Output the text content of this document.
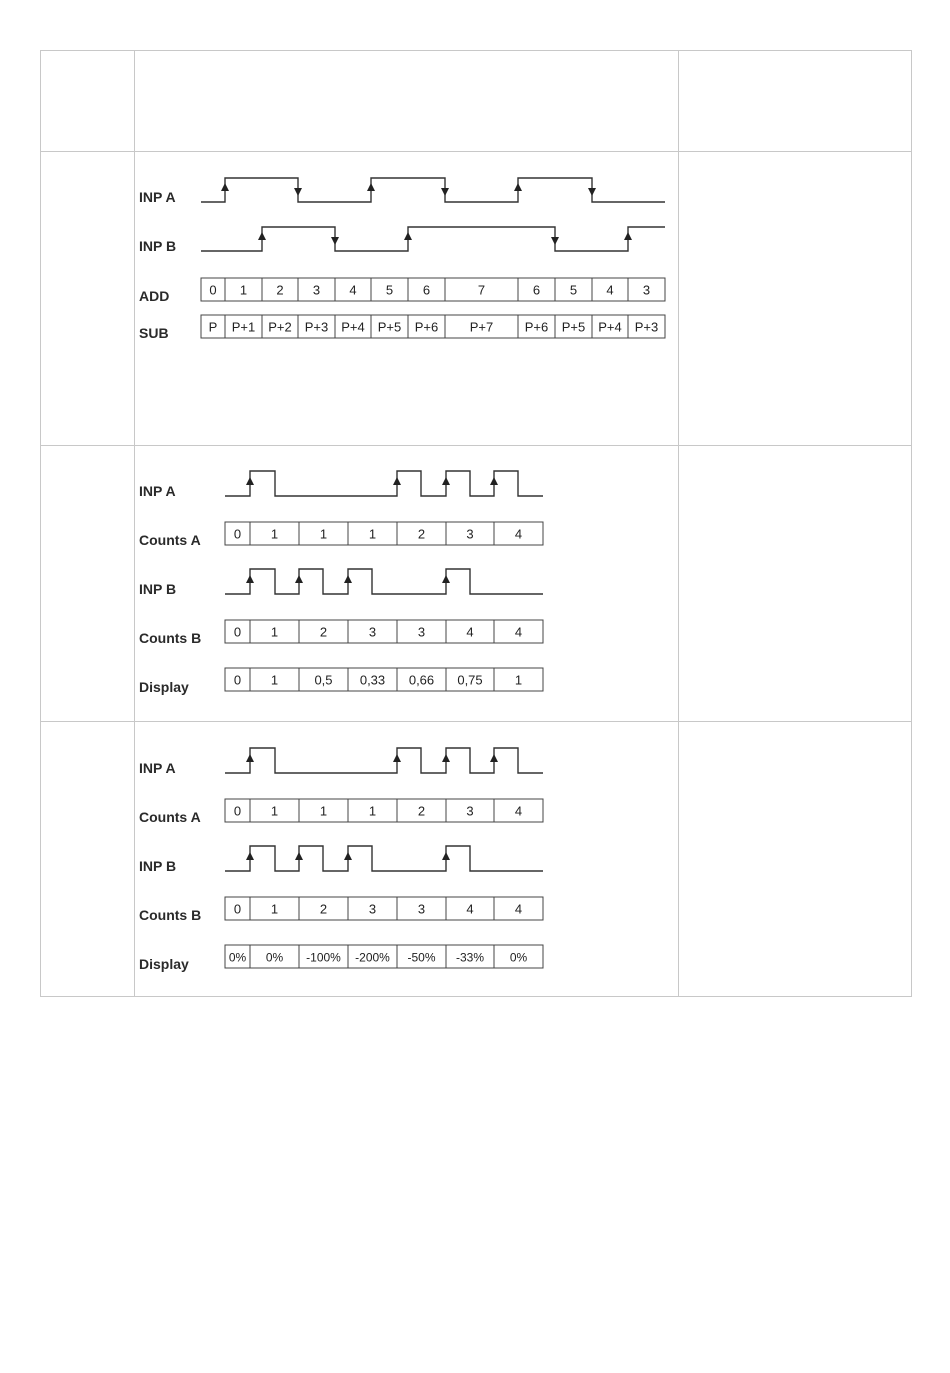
INP A
INP B
ADD
SUB
0 1 2 3 4 5 6	7	6 5 4 3
P P+1 P+2 P+3 P+4 P+5 P+6 P+7 P+6 P+5 P+4 P+3
INP A
Counts A
INP B
Counts B
Display
0 1	1	1	2	3	4
0 1	2	3	3	4	4
0 1	0,5 0,33 0,66 0,75 1
INP A
Counts A
INP B
Counts B
Display
0 1	1	1	2	3	4
0 1	2	3	3	4	4
0% 0% -100% -200% -50% -33% 0%
